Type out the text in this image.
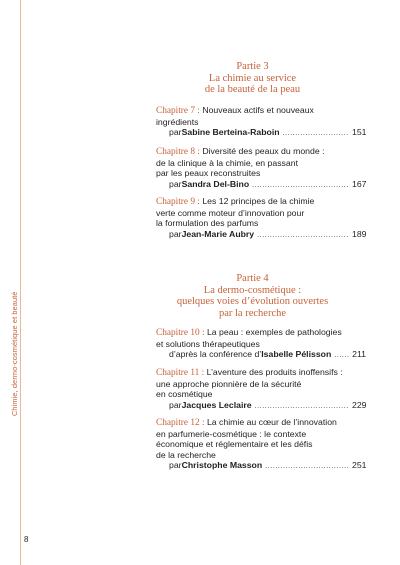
Chimie, dermo-cosmétique et beauté
8
Partie 3
La chimie au service
de la beauté de la peau
Chapitre 7 : Nouveaux actifs et nouveaux
ingrédients
par Sabine Berteina-Raboin .....	151
Chapitre 8 : Diversité des peaux du monde :
de la clinique à la chimie, en passant
par les peaux reconstruites
par Sandra Del-Bino .....	167
Chapitre 9 : Les 12 principes de la chimie
verte comme moteur d’innovation pour
la formulation des parfums
par Jean-Marie Aubry .....	189
Partie 4
La dermo-cosmétique :
quelques voies d’évolution ouvertes
par la recherche
Chapitre 10 : La peau : exemples de pathologies
et solutions thérapeutiques
d’après la conférence d’ Isabelle Pélisson ..... 211
Chapitre 11 : L’aventure des produits inoffensifs :
une approche pionnière de la sécurité
en cosmétique
par Jacques Leclaire .....	229
Chapitre 12 : La chimie au cœur de l’innovation
en parfumerie-cosmétique : le contexte
économique et réglementaire et les défis
de la recherche
par Christophe Masson .....	251
